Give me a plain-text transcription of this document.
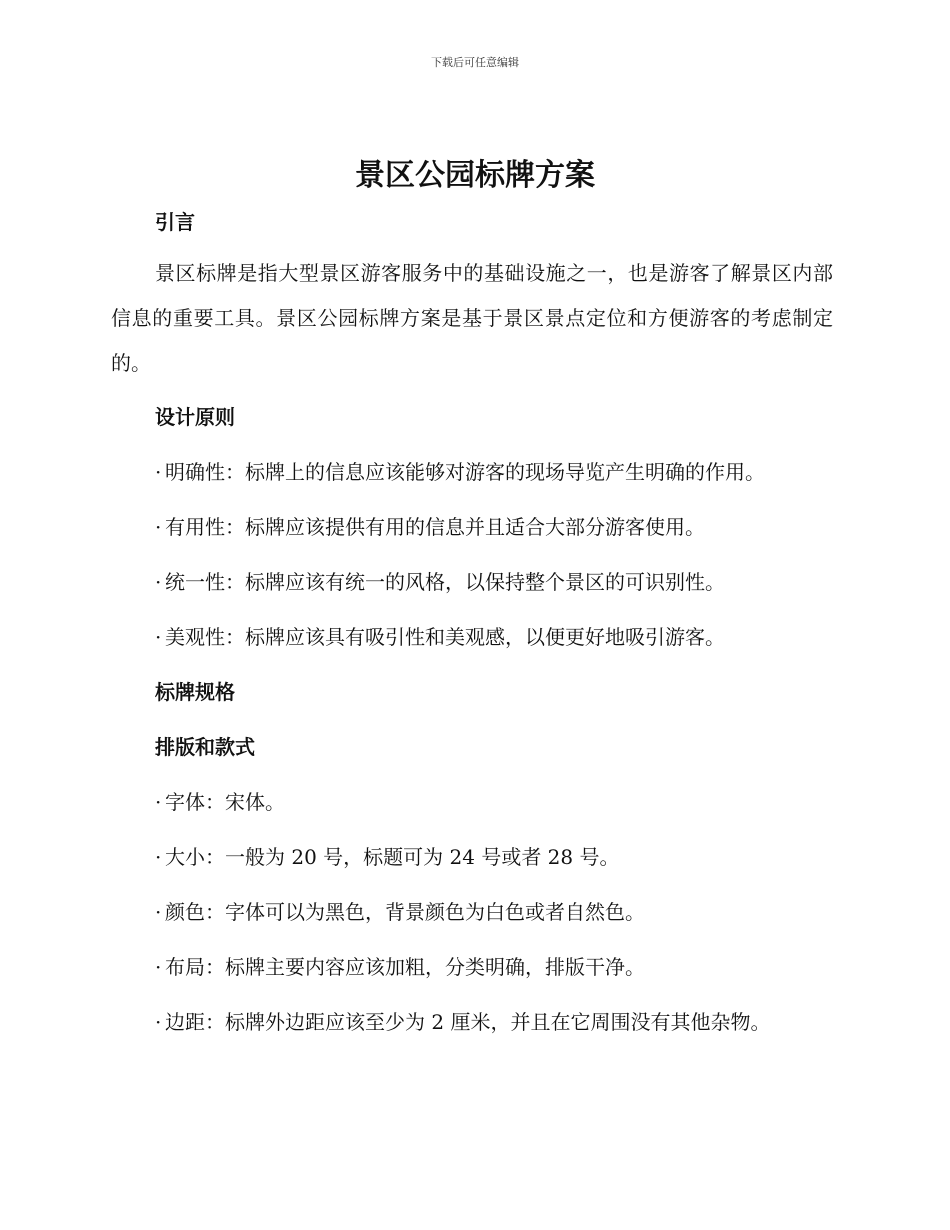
下载后可任意编辑
景区公园标牌方案
引言

景区标牌是指大型景区游客服务中的基础设施之一，也是游客了解景区内部信息的重要工具。景区公园标牌方案是基于景区景点定位和方便游客的考虑制定的。

设计原则

· 明确性：标牌上的信息应该能够对游客的现场导览产生明确的作用。

· 有用性：标牌应该提供有用的信息并且适合大部分游客使用。

· 统一性：标牌应该有统一的风格，以保持整个景区的可识别性。

· 美观性：标牌应该具有吸引性和美观感，以便更好地吸引游客。

标牌规格
排版和款式

· 字体：宋体。

· 大小：一般为 20 号，标题可为 24 号或者 28 号。

· 颜色：字体可以为黑色，背景颜色为白色或者自然色。

· 布局：标牌主要内容应该加粗，分类明确，排版干净。

· 边距：标牌外边距应该至少为 2 厘米，并且在它周围没有其他杂物。
